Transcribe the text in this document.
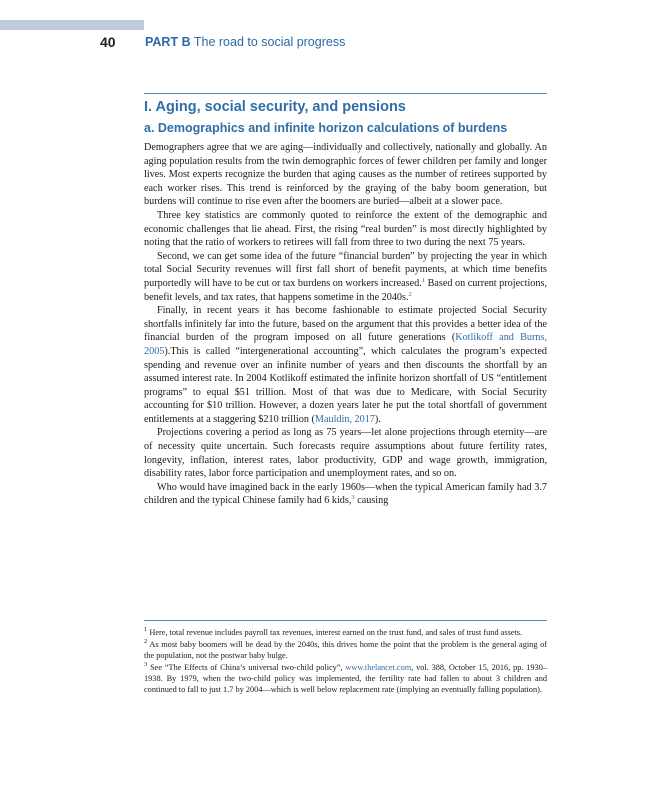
40 PART B The road to social progress
I. Aging, social security, and pensions
a. Demographics and infinite horizon calculations of burdens

Demographers agree that we are aging—individually and collectively, nationally and globally. An aging population results from the twin demographic forces of fewer children per family and longer lives. Most experts recognize the burden that aging causes as the number of retirees supported by each worker rises. This trend is reinforced by the graying of the baby boom generation, but burdens will continue to rise even after the boomers are buried—albeit at a slower pace.

Three key statistics are commonly quoted to reinforce the extent of the demographic and economic challenges that lie ahead. First, the rising “real burden” is most directly highlighted by noting that the ratio of workers to retirees will fall from three to two during the next 75 years.

Second, we can get some idea of the future “financial burden” by projecting the year in which total Social Security revenues will first fall short of benefit payments, at which time benefits purportedly will have to be cut or tax burdens on workers increased.$^1$ Based on current projections, benefit levels, and tax rates, that happens sometime in the 2040s.$^2$

Finally, in recent years it has become fashionable to estimate projected Social Security shortfalls infinitely far into the future, based on the argument that this provides a better idea of the financial burden of the program imposed on all future generations (Kotlikoff and Burns, 2005).This is called “intergenerational accounting”, which calculates the program’s expected spending and revenue over an infinite number of years and then discounts the shortfall by an assumed interest rate. In 2004 Kotlikoff estimated the infinite horizon shortfall of US “entitlement programs” to equal $51 trillion. Most of that was due to Medicare, with Social Security accounting for $10 trillion. However, a dozen years later he put the total shortfall of government entitlements at a staggering $210 trillion (Mauldin, 2017).

Projections covering a period as long as 75 years—let alone projections through eternity—are of necessity quite uncertain. Such forecasts require assumptions about future fertility rates, longevity, inflation, interest rates, labor productivity, GDP and wage growth, immigration, disability rates, labor force participation and unemployment rates, and so on.

Who would have imagined back in the early 1960s—when the typical American family had 3.7 children and the typical Chinese family had 6 kids,$^3$ causing

$^1$ Here, total revenue includes payroll tax revenues, interest earned on the trust fund, and sales of trust fund assets.

$^2$ As most baby boomers will be dead by the 2040s, this drives home the point that the problem is the general aging of the population, not the postwar baby bulge.

$^3$ See “The Effects of China’s universal two-child policy”, www.thelancet.com, vol. 388, October 15, 2016, pp. 1930–1938. By 1979, when the two-child policy was implemented, the fertility rate had fallen to about 3 children and continued to fall to just 1.7 by 2004—which is well below replacement rate (implying an eventually falling population).
